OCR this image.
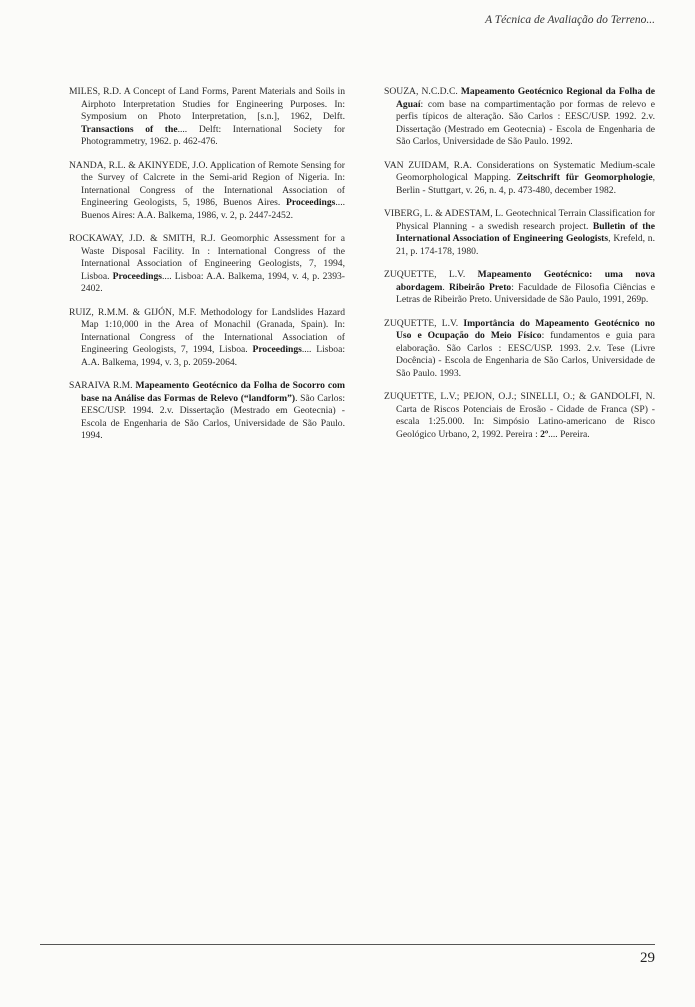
A Técnica de Avaliação do Terreno...

MILES, R.D. A Concept of Land Forms, Parent Materials and Soils in Airphoto Interpretation Studies for Engineering Purposes. In: Symposium on Photo Interpretation, [s.n.], 1962, Delft. Transactions of the.... Delft: International Society for Photogrammetry, 1962. p. 462-476.

NANDA, R.L. & AKINYEDE, J.O. Application of Remote Sensing for the Survey of Calcrete in the Semi-arid Region of Nigeria. In: International Congress of the International Association of Engineering Geologists, 5, 1986, Buenos Aires. Proceedings.... Buenos Aires: A.A. Balkema, 1986, v. 2, p. 2447-2452.

ROCKAWAY, J.D. & SMITH, R.J. Geomorphic Assessment for a Waste Disposal Facility. In : International Congress of the International Association of Engineering Geologists, 7, 1994, Lisboa. Proceedings.... Lisboa: A.A. Balkema, 1994, v. 4, p. 2393-2402.

RUIZ, R.M.M. & GIJÓN, M.F. Methodology for Landslides Hazard Map 1:10,000 in the Area of Monachil (Granada, Spain). In: International Congress of the International Association of Engineering Geologists, 7, 1994, Lisboa. Proceedings.... Lisboa: A.A. Balkema, 1994, v. 3, p. 2059-2064.

SARAIVA R.M. Mapeamento Geotécnico da Folha de Socorro com base na Análise das Formas de Relevo (“landform”). São Carlos: EESC/USP. 1994. 2.v. Dissertação (Mestrado em Geotecnia) - Escola de Engenharia de São Carlos, Universidade de São Paulo. 1994.

SOUZA, N.C.D.C. Mapeamento Geotécnico Regional da Folha de Aguaí: com base na compartimentação por formas de relevo e perfis típicos de alteração. São Carlos : EESC/USP. 1992. 2.v. Dissertação (Mestrado em Geotecnia) - Escola de Engenharia de São Carlos, Universidade de São Paulo. 1992.

VAN ZUIDAM, R.A. Considerations on Systematic Medium-scale Geomorphological Mapping. Zeitschrift für Geomorphologie, Berlin - Stuttgart, v. 26, n. 4, p. 473-480, december 1982.

VIBERG, L. & ADESTAM, L. Geotechnical Terrain Classification for Physical Planning - a swedish research project. Bulletin of the International Association of Engineering Geologists, Krefeld, n. 21, p. 174-178, 1980.

ZUQUETTE, L.V. Mapeamento Geotécnico: uma nova abordagem. Ribeirão Preto: Faculdade de Filosofia Ciências e Letras de Ribeirão Preto. Universidade de São Paulo, 1991, 269p.

ZUQUETTE, L.V. Importância do Mapeamento Geotécnico no Uso e Ocupação do Meio Físico: fundamentos e guia para elaboração. São Carlos : EESC/USP. 1993. 2.v. Tese (Livre Docência) - Escola de Engenharia de São Carlos, Universidade de São Paulo. 1993.

ZUQUETTE, L.V.; PEJON, O.J.; SINELLI, O.; & GANDOLFI, N. Carta de Riscos Potenciais de Erosão - Cidade de Franca (SP) - escala 1:25.000. In: Simpósio Latino-americano de Risco Geológico Urbano, 2, 1992. Pereira : 2º.... Pereira.

29
